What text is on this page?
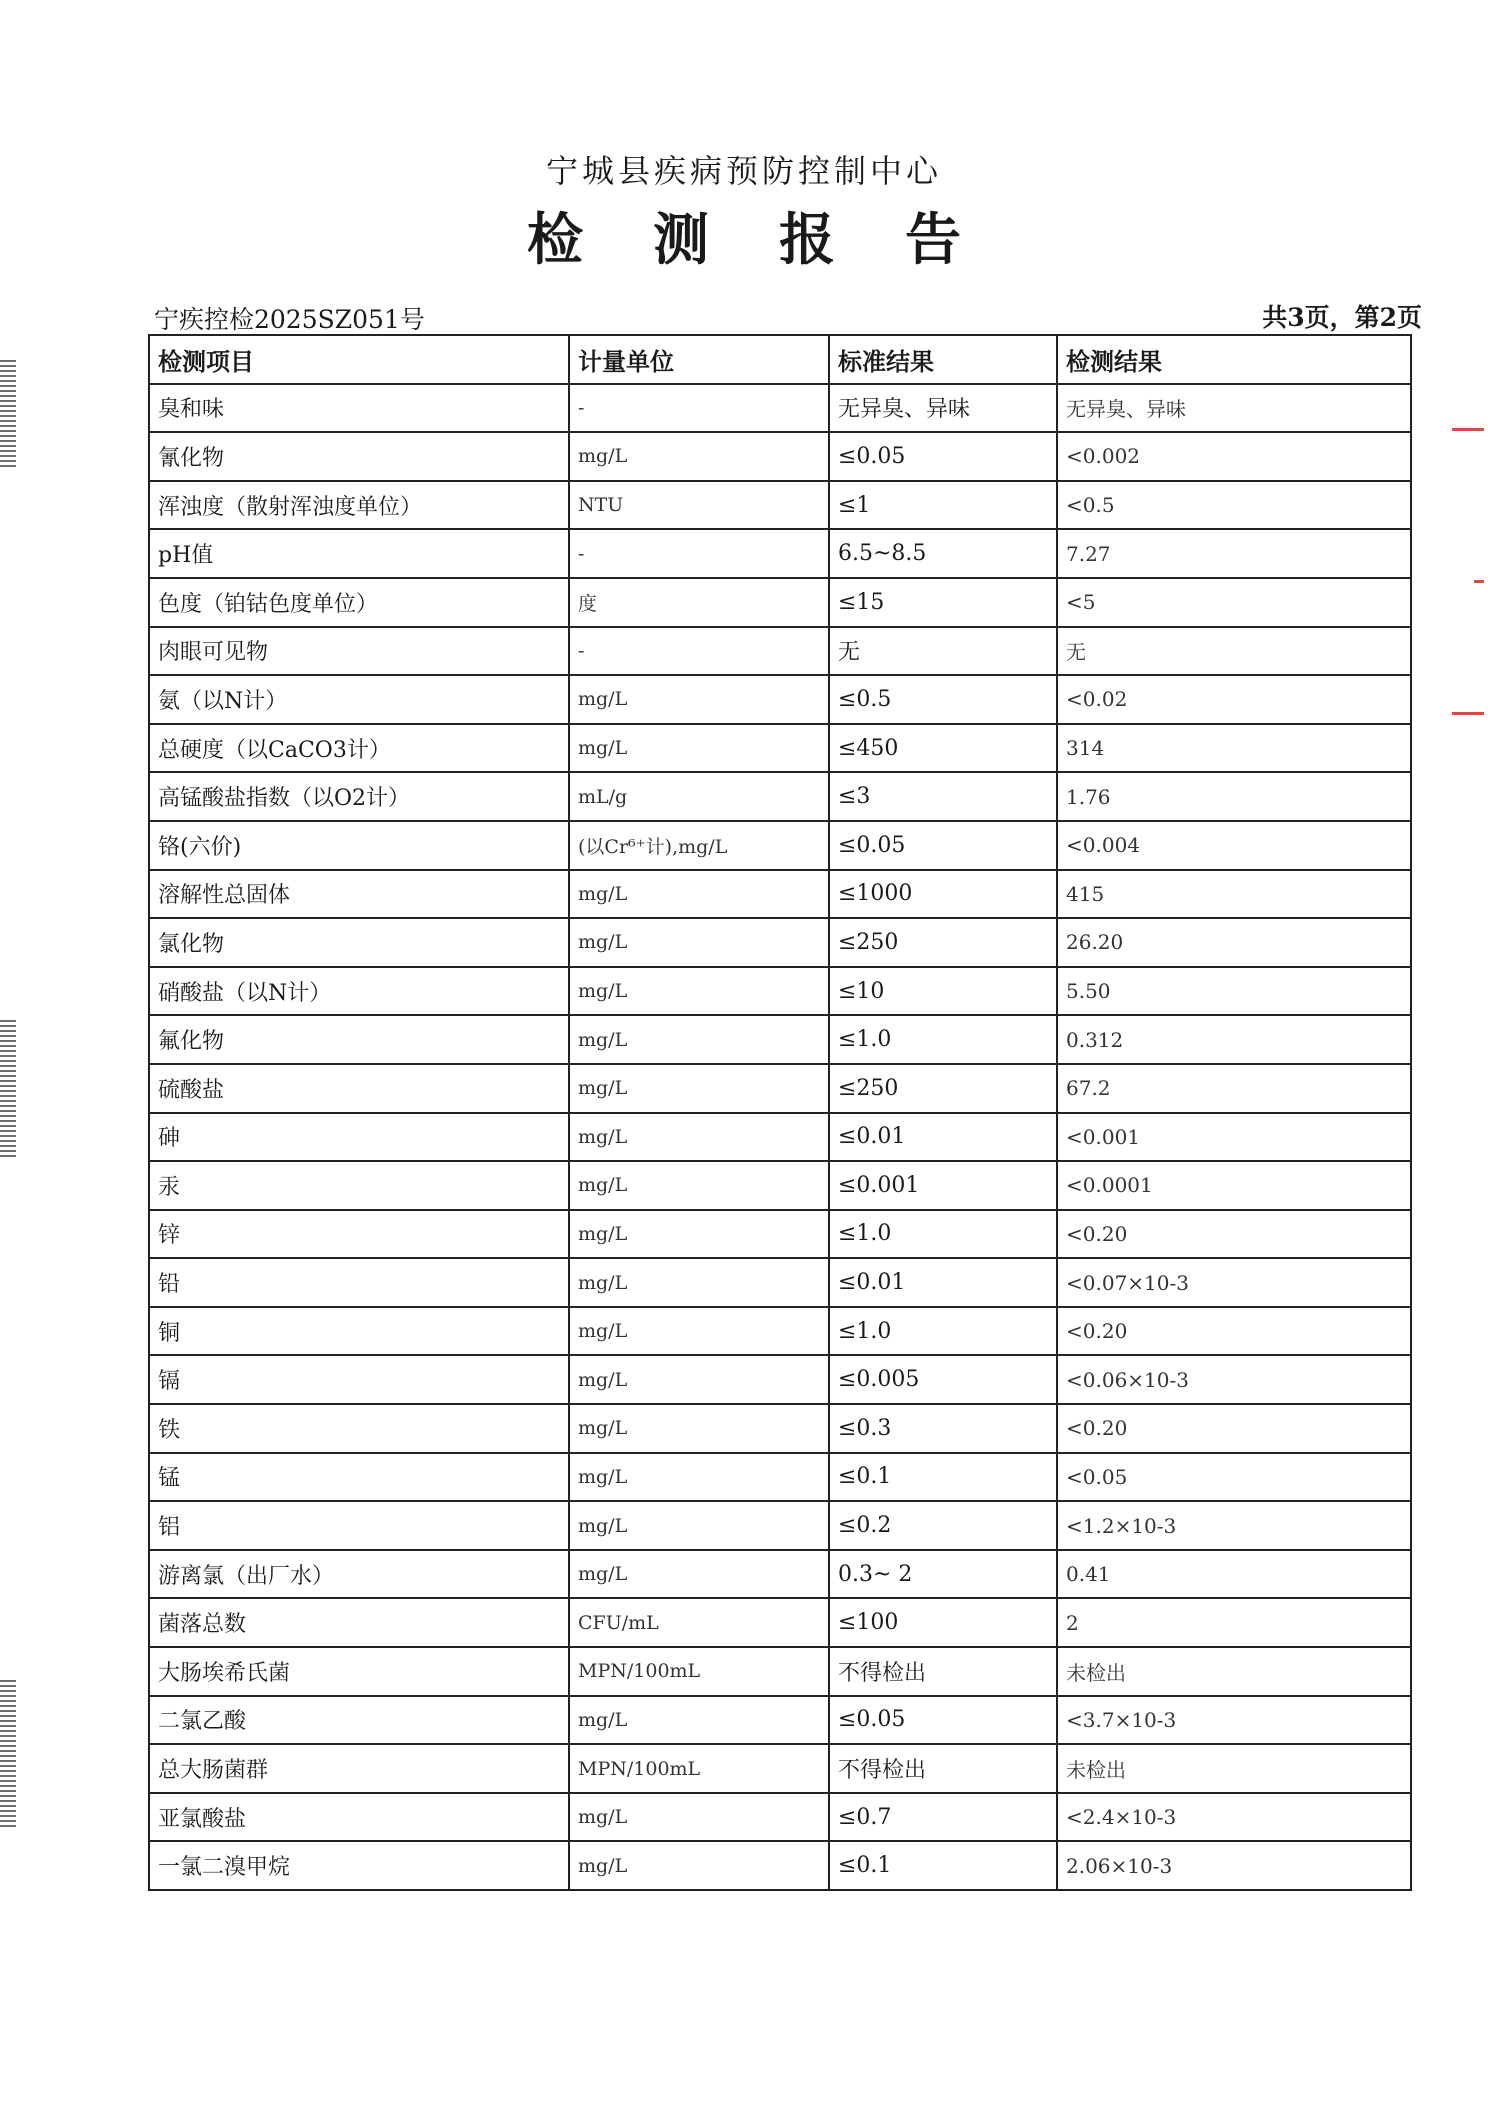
宁城县疾病预防控制中心
检测报告
宁疾控检2025SZ051号	共3页，第2页
检测项目	计量单位	标准结果	检测结果
臭和味	-	无异臭、异味	无异臭、异味
氰化物	mg/L	≤0.05	<0.002
浑浊度（散射浑浊度单位）	NTU	≤1	<0.5
pH值	-	6.5~8.5	7.27
色度（铂钴色度单位）	度	≤15	<5
肉眼可见物	-	无	无
氨（以N计）	mg/L	≤0.5	<0.02
总硬度（以CaCO3计）	mg/L	≤450	314
高锰酸盐指数（以O2计）	mL/g	≤3	1.76
铬(六价)	(以Cr⁶⁺计),mg/L	≤0.05	<0.004
溶解性总固体	mg/L	≤1000	415
氯化物	mg/L	≤250	26.20
硝酸盐（以N计）	mg/L	≤10	5.50
氟化物	mg/L	≤1.0	0.312
硫酸盐	mg/L	≤250	67.2
砷	mg/L	≤0.01	<0.001
汞	mg/L	≤0.001	<0.0001
锌	mg/L	≤1.0	<0.20
铅	mg/L	≤0.01	<0.07×10-3
铜	mg/L	≤1.0	<0.20
镉	mg/L	≤0.005	<0.06×10-3
铁	mg/L	≤0.3	<0.20
锰	mg/L	≤0.1	<0.05
铝	mg/L	≤0.2	<1.2×10-3
游离氯（出厂水）	mg/L	0.3~ 2	0.41
菌落总数	CFU/mL	≤100	2
大肠埃希氏菌	MPN/100mL	不得检出	未检出
二氯乙酸	mg/L	≤0.05	<3.7×10-3
总大肠菌群	MPN/100mL	不得检出	未检出
亚氯酸盐	mg/L	≤0.7	<2.4×10-3
一氯二溴甲烷	mg/L	≤0.1	2.06×10-3
